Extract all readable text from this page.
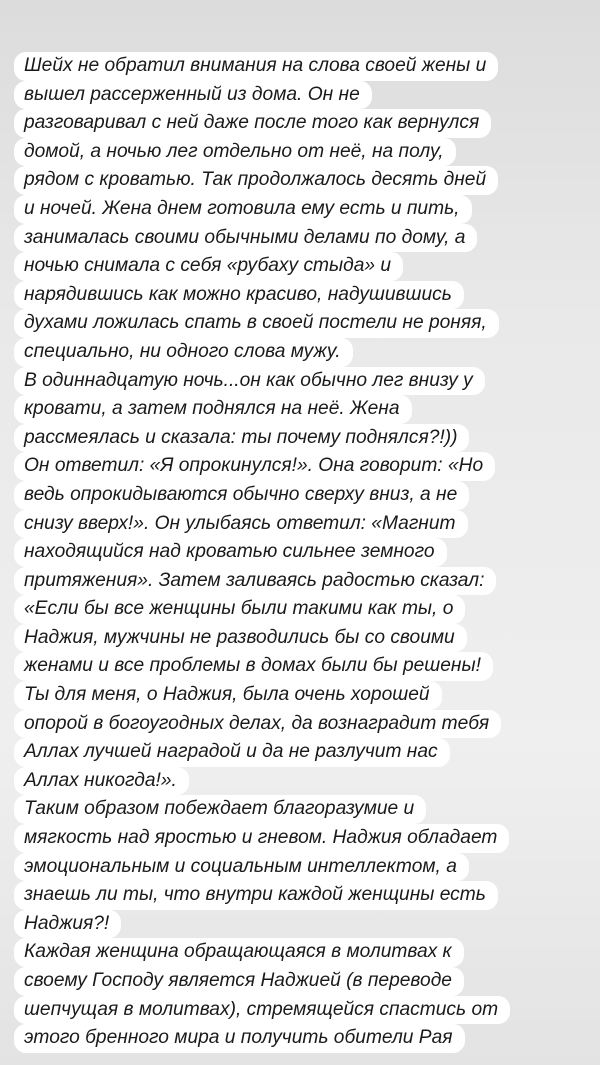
Шейх не обратил внимания на слова своей жены и
вышел рассерженный из дома. Он не
разговаривал с ней даже после того как вернулся
домой, а ночью лег отдельно от неё, на полу,
рядом с кроватью. Так продолжалось десять дней
и ночей. Жена днем готовила ему есть и пить,
занималась своими обычными делами по дому, а
ночью снимала с себя «рубаху стыда» и
нарядившись как можно красиво, надушившись
духами ложилась спать в своей постели не роняя,
специально, ни одного слова мужу.
В одиннадцатую ночь...он как обычно лег внизу у
кровати, а затем поднялся на неё. Жена
рассмеялась и сказала: ты почему поднялся?!))
Он ответил: «Я опрокинулся!». Она говорит: «Но
ведь опрокидываются обычно сверху вниз, а не
снизу вверх!». Он улыбаясь ответил: «Магнит
находящийся над кроватью сильнее земного
притяжения». Затем заливаясь радостью сказал:
«Если бы все женщины были такими как ты, о
Наджия, мужчины не разводились бы со своими
женами и все проблемы в домах были бы решены!
Ты для меня, о Наджия, была очень хорошей
опорой в богоугодных делах, да вознаградит тебя
Аллах лучшей наградой и да не разлучит нас
Аллах никогда!».
Таким образом побеждает благоразумие и
мягкость над яростью и гневом. Наджия обладает
эмоциональным и социальным интеллектом, а
знаешь ли ты, что внутри каждой женщины есть
Наджия?!
Каждая женщина обращающаяся в молитвах к
своему Господу является Наджией (в переводе
шепчущая в молитвах), стремящейся спастись от
этого бренного мира и получить обители Рая
